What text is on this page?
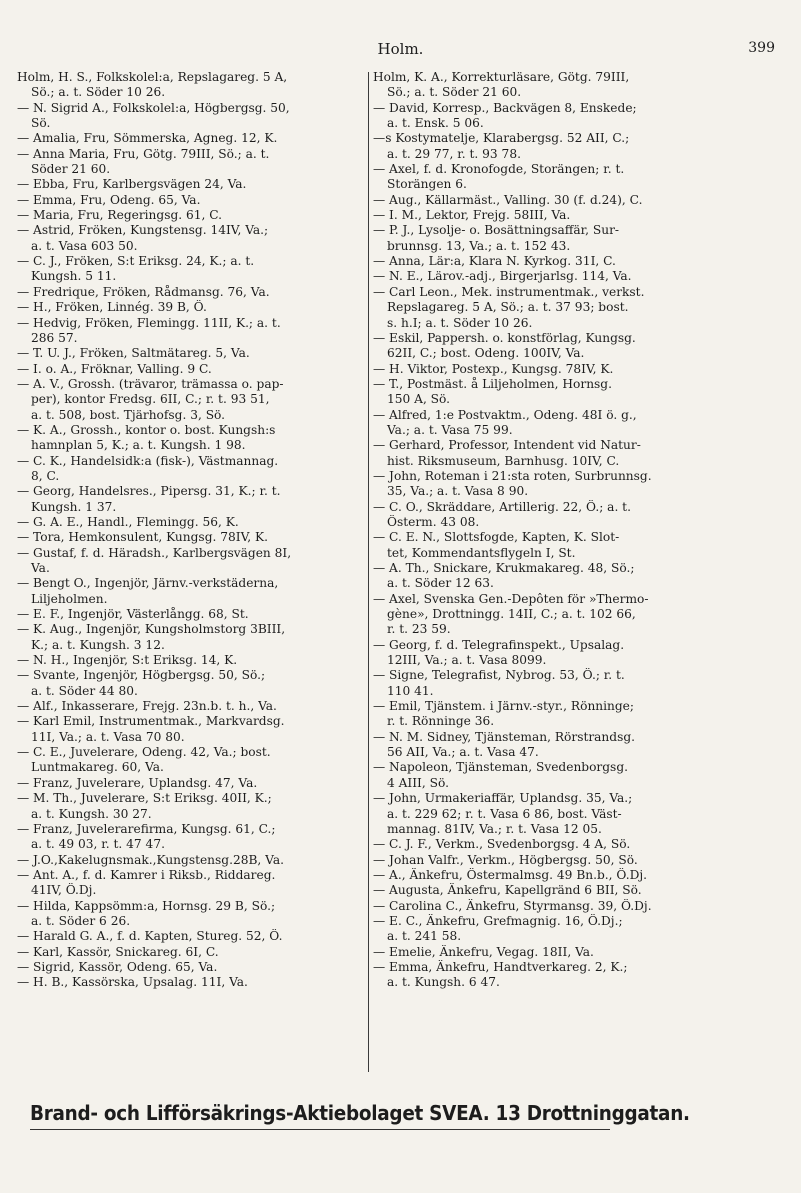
Holm.	399
Holm, H. S., Folkskolel:a, Repslagareg. 5 A,
Sö.; a. t. Söder 10 26.
— N. Sigrid A., Folkskolel:a, Högbergsg. 50,
Sö.
— Amalia, Fru, Sömmerska, Agneg. 12, K.
— Anna Maria, Fru, Götg. 79III, Sö.; a. t.
Söder 21 60.
— Ebba, Fru, Karlbergsvägen 24, Va.
— Emma, Fru, Odeng. 65, Va.
— Maria, Fru, Regeringsg. 61, C.
— Astrid, Fröken, Kungstensg. 14IV, Va.;
a. t. Vasa 603 50.
— C. J., Fröken, S:t Eriksg. 24, K.; a. t.
Kungsh. 5 11.
— Fredrique, Fröken, Rådmansg. 76, Va.
— H., Fröken, Linnég. 39 B, Ö.
— Hedvig, Fröken, Flemingg. 11II, K.; a. t.
286 57.
— T. U. J., Fröken, Saltmätareg. 5, Va.
— I. o. A., Fröknar, Valling. 9 C.
— A. V., Grossh. (trävaror, trämassa o. pap-
per), kontor Fredsg. 6II, C.; r. t. 93 51,
a. t. 508, bost. Tjärhofsg. 3, Sö.
— K. A., Grossh., kontor o. bost. Kungsh:s
hamnplan 5, K.; a. t. Kungsh. 1 98.
— C. K., Handelsidk:a (fisk-), Västmannag.
8, C.
— Georg, Handelsres., Pipersg. 31, K.; r. t.
Kungsh. 1 37.
— G. A. E., Handl., Flemingg. 56, K.
— Tora, Hemkonsulent, Kungsg. 78IV, K.
— Gustaf, f. d. Häradsh., Karlbergsvägen 8I,
Va.
— Bengt O., Ingenjör, Järnv.-verkstäderna,
Liljeholmen.
— E. F., Ingenjör, Västerlångg. 68, St.
— K. Aug., Ingenjör, Kungsholmstorg 3BIII,
K.; a. t. Kungsh. 3 12.
— N. H., Ingenjör, S:t Eriksg. 14, K.
— Svante, Ingenjör, Högbergsg. 50, Sö.;
a. t. Söder 44 80.
— Alf., Inkasserare, Frejg. 23n.b. t. h., Va.
— Karl Emil, Instrumentmak., Markvardsg.
11I, Va.; a. t. Vasa 70 80.
— C. E., Juvelerare, Odeng. 42, Va.; bost.
Luntmakareg. 60, Va.
— Franz, Juvelerare, Uplandsg. 47, Va.
— M. Th., Juvelerare, S:t Eriksg. 40II, K.;
a. t. Kungsh. 30 27.
— Franz, Juvelerarefirma, Kungsg. 61, C.;
a. t. 49 03, r. t. 47 47.
— J.O.,Kakelugnsmak.,Kungstensg.28B, Va.
— Ant. A., f. d. Kamrer i Riksb., Riddareg.
41IV, Ö.Dj.
— Hilda, Kappsömm:a, Hornsg. 29 B, Sö.;
a. t. Söder 6 26.
— Harald G. A., f. d. Kapten, Stureg. 52, Ö.
— Karl, Kassör, Snickareg. 6I, C.
— Sigrid, Kassör, Odeng. 65, Va.
— H. B., Kassörska, Upsalag. 11I, Va.
Holm, K. A., Korrekturläsare, Götg. 79III,
Sö.; a. t. Söder 21 60.
— David, Korresp., Backvägen 8, Enskede;
a. t. Ensk. 5 06.
—s Kostymatelje, Klarabergsg. 52 AII, C.;
a. t. 29 77, r. t. 93 78.
— Axel, f. d. Kronofogde, Storängen; r. t.
Storängen 6.
— Aug., Källarmäst., Valling. 30 (f. d.24), C.
— I. M., Lektor, Frejg. 58III, Va.
— P. J., Lysolje- o. Bosättningsaffär, Sur-
brunnsg. 13, Va.; a. t. 152 43.
— Anna, Lär:a, Klara N. Kyrkog. 31I, C.
— N. E., Lärov.-adj., Birgerjarlsg. 114, Va.
— Carl Leon., Mek. instrumentmak., verkst.
Repslagareg. 5 A, Sö.; a. t. 37 93; bost.
s. h.I; a. t. Söder 10 26.
— Eskil, Pappersh. o. konstförlag, Kungsg.
62II, C.; bost. Odeng. 100IV, Va.
— H. Viktor, Postexp., Kungsg. 78IV, K.
— T., Postmäst. å Liljeholmen, Hornsg.
150 A, Sö.
— Alfred, 1:e Postvaktm., Odeng. 48I ö. g.,
Va.; a. t. Vasa 75 99.
— Gerhard, Professor, Intendent vid Natur-
hist. Riksmuseum, Barnhusg. 10IV, C.
— John, Roteman i 21:sta roten, Surbrunnsg.
35, Va.; a. t. Vasa 8 90.
— C. O., Skräddare, Artillerig. 22, Ö.; a. t.
Österm. 43 08.
— C. E. N., Slottsfogde, Kapten, K. Slot-
tet, Kommendantsflygeln I, St.
— A. Th., Snickare, Krukmakareg. 48, Sö.;
a. t. Söder 12 63.
— Axel, Svenska Gen.-Depôten för »Thermo-
gène», Drottningg. 14II, C.; a. t. 102 66,
r. t. 23 59.
— Georg, f. d. Telegrafinspekt., Upsalag.
12III, Va.; a. t. Vasa 8099.
— Signe, Telegrafist, Nybrog. 53, Ö.; r. t.
110 41.
— Emil, Tjänstem. i Järnv.-styr., Rönninge;
r. t. Rönninge 36.
— N. M. Sidney, Tjänsteman, Rörstrandsg.
56 AII, Va.; a. t. Vasa 47.
— Napoleon, Tjänsteman, Svedenborgsg.
4 AIII, Sö.
— John, Urmakeriaffär, Uplandsg. 35, Va.;
a. t. 229 62; r. t. Vasa 6 86, bost. Väst-
mannag. 81IV, Va.; r. t. Vasa 12 05.
— C. J. F., Verkm., Svedenborgsg. 4 A, Sö.
— Johan Valfr., Verkm., Högbergsg. 50, Sö.
— A., Änkefru, Östermalmsg. 49 Bn.b., Ö.Dj.
— Augusta, Änkefru, Kapellgränd 6 BII, Sö.
— Carolina C., Änkefru, Styrmansg. 39, Ö.Dj.
— E. C., Änkefru, Grefmagnig. 16, Ö.Dj.;
a. t. 241 58.
— Emelie, Änkefru, Vegag. 18II, Va.
— Emma, Änkefru, Handtverkareg. 2, K.;
a. t. Kungsh. 6 47.
Brand- och Lifförsäkrings-Aktiebolaget SVEA. 13 Drottninggatan.
